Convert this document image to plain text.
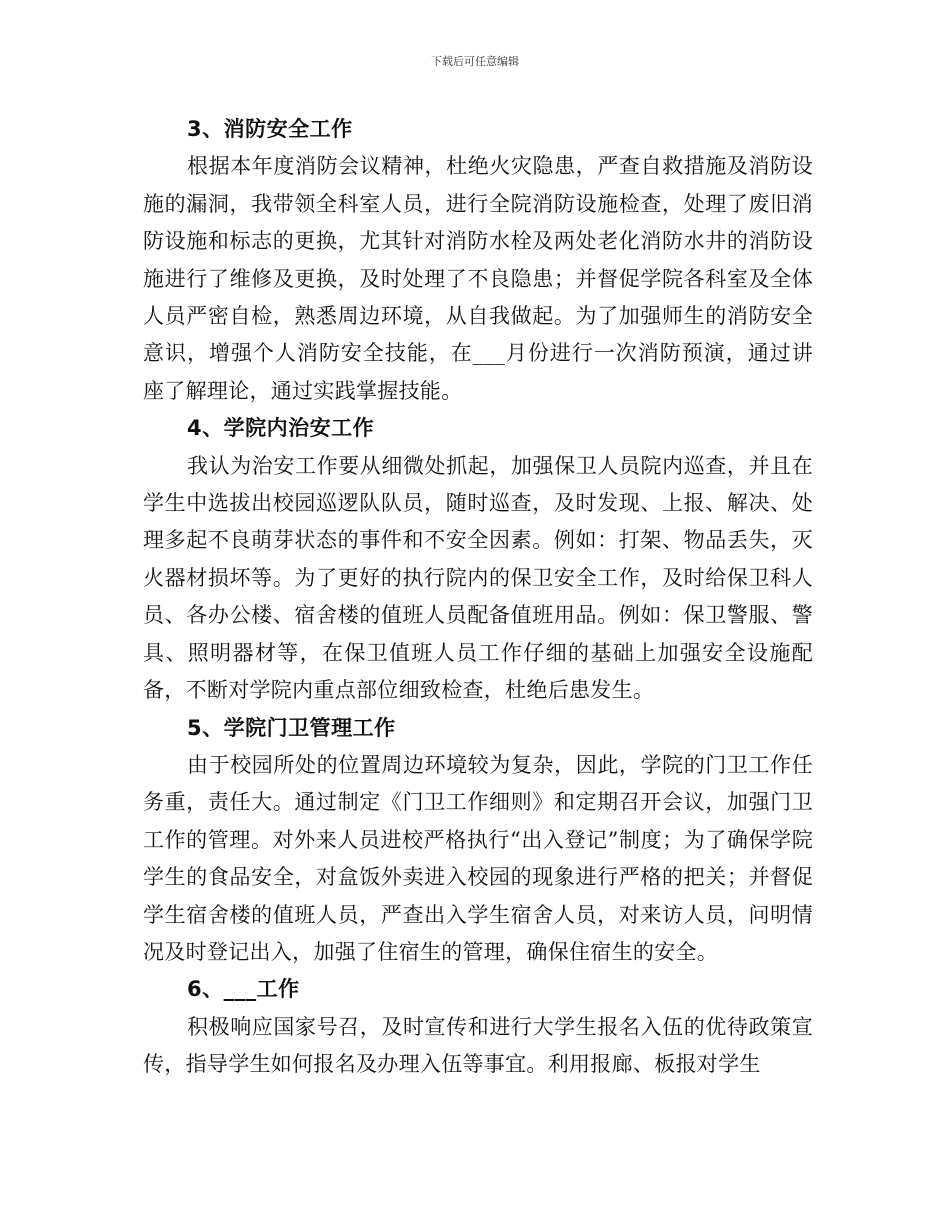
下载后可任意编辑

3、消防安全工作

根据本年度消防会议精神，杜绝火灾隐患，严查自救措施及消防设施的漏洞，我带领全科室人员，进行全院消防设施检查，处理了废旧消防设施和标志的更换，尤其针对消防水栓及两处老化消防水井的消防设施进行了维修及更换，及时处理了不良隐患；并督促学院各科室及全体人员严密自检，熟悉周边环境，从自我做起。为了加强师生的消防安全意识，增强个人消防安全技能，在___月份进行一次消防预演，通过讲座了解理论，通过实践掌握技能。

4、学院内治安工作

我认为治安工作要从细微处抓起，加强保卫人员院内巡查，并且在学生中选拔出校园巡逻队队员，随时巡查，及时发现、上报、解决、处理多起不良萌芽状态的事件和不安全因素。例如：打架、物品丢失，灭火器材损坏等。为了更好的执行院内的保卫安全工作，及时给保卫科人员、各办公楼、宿舍楼的值班人员配备值班用品。例如：保卫警服、警具、照明器材等，在保卫值班人员工作仔细的基础上加强安全设施配备，不断对学院内重点部位细致检查，杜绝后患发生。

5、学院门卫管理工作

由于校园所处的位置周边环境较为复杂，因此，学院的门卫工作任务重，责任大。通过制定《门卫工作细则》和定期召开会议，加强门卫工作的管理。对外来人员进校严格执行“出入登记”制度；为了确保学院学生的食品安全，对盒饭外卖进入校园的现象进行严格的把关；并督促学生宿舍楼的值班人员，严查出入学生宿舍人员，对来访人员，问明情况及时登记出入，加强了住宿生的管理，确保住宿生的安全。

6、___工作

积极响应国家号召，及时宣传和进行大学生报名入伍的优待政策宣传，指导学生如何报名及办理入伍等事宜。利用报廊、板报对学生
